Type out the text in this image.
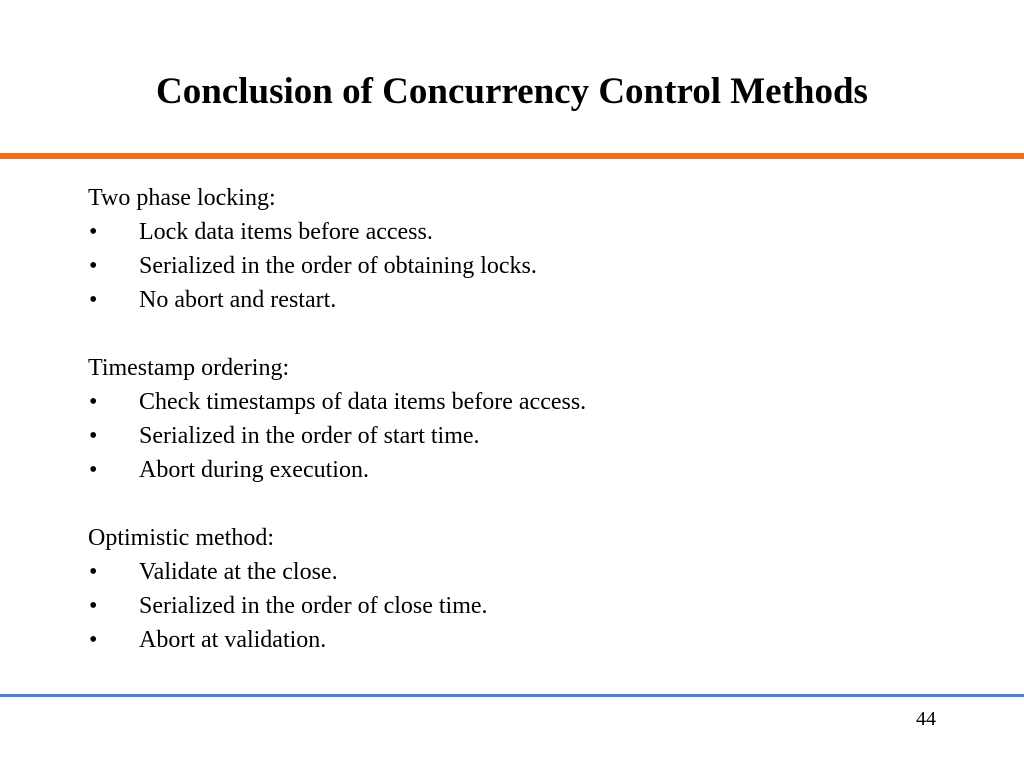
Conclusion of Concurrency Control Methods
Two phase locking:
•	Lock data items before access.
•	Serialized in the order of obtaining locks.
•	No abort and restart.
Timestamp ordering:
•	Check timestamps of data items before access.
•	Serialized in the order of start time.
•	Abort during execution.
Optimistic method:
•	Validate at the close.
•	Serialized in the order of close time.
•	Abort at validation.
44
